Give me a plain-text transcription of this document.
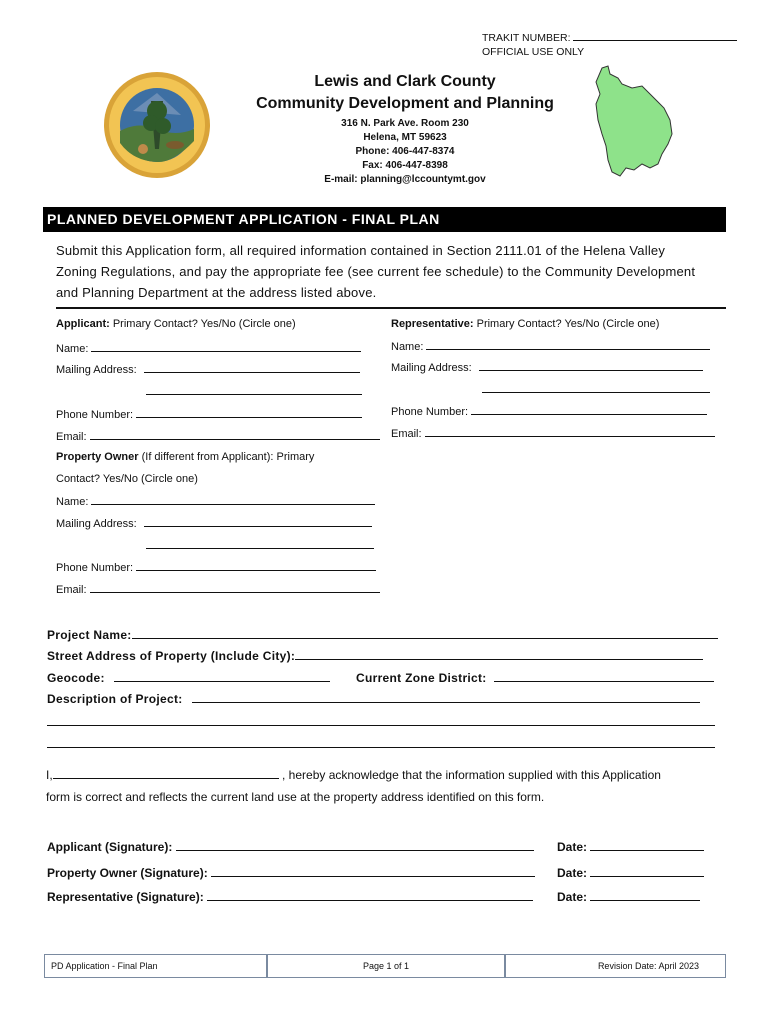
TRAKIT NUMBER:
OFFICIAL USE ONLY
Lewis and Clark County
Community Development and Planning
316 N. Park Ave. Room 230
Helena, MT 59623
Phone: 406-447-8374
Fax: 406-447-8398
E-mail: planning@lccountymt.gov
PLANNED DEVELOPMENT APPLICATION - FINAL PLAN
Submit this Application form, all required information contained in Section 2111.01 of the Helena Valley
Zoning Regulations, and pay the appropriate fee (see current fee schedule) to the Community Development
and Planning Department at the address listed above.
Applicant: Primary Contact? Yes/No (Circle one)
Name:
Mailing Address:
Phone Number:
Email:
Representative: Primary Contact? Yes/No (Circle one)
Name:
Mailing Address:
Phone Number:
Email:
Property Owner (If different from Applicant): Primary
Contact? Yes/No (Circle one)
Name:
Mailing Address:
Phone Number:
Email:
Project Name:
Street Address of Property (Include City):
Geocode:	Current Zone District:
Description of Project:
I,	, hereby acknowledge that the information supplied with this Application
form is correct and reflects the current land use at the property address identified on this form.
Applicant (Signature):	Date:
Property Owner (Signature):	Date:
Representative (Signature):	Date:
PD Application - Final Plan	Page 1 of 1	Revision Date: April 2023
